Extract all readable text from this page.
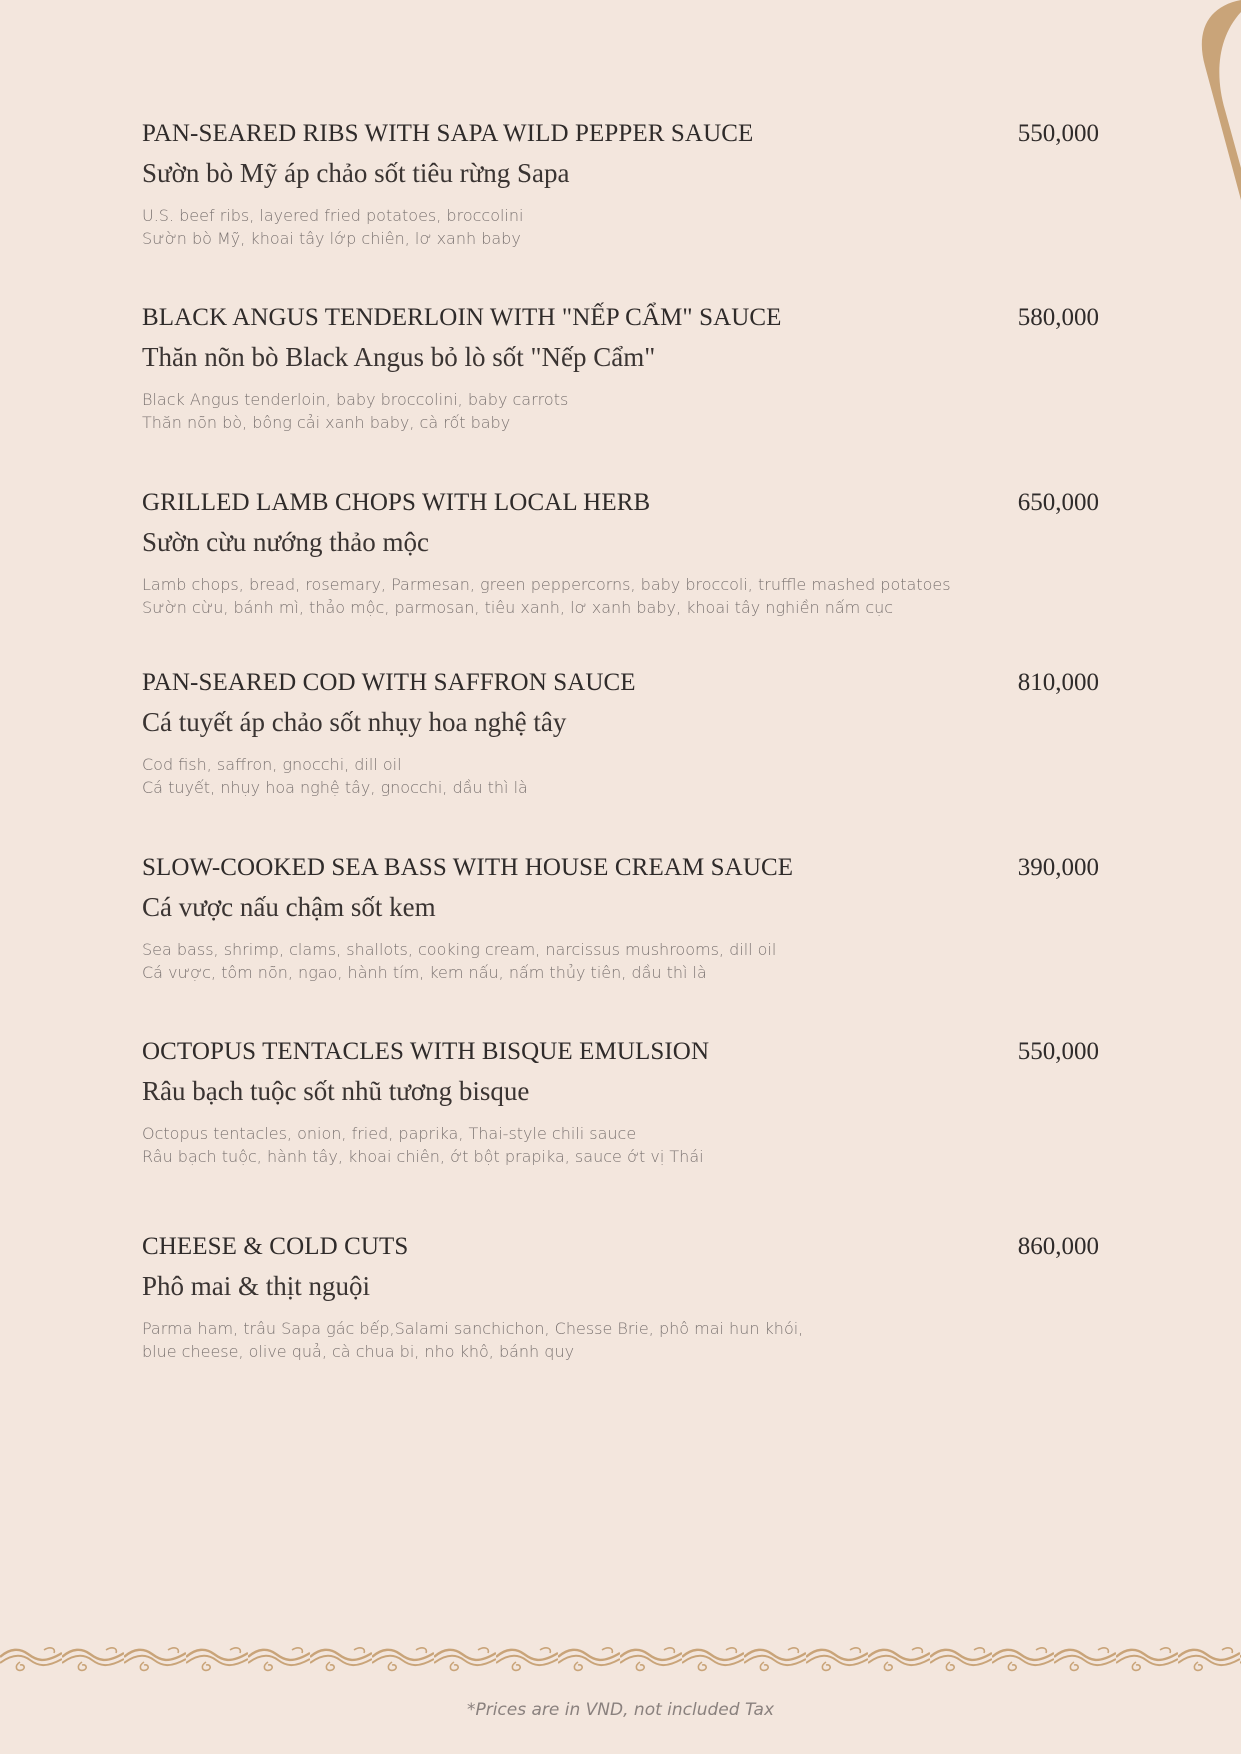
PAN-SEARED RIBS WITH SAPA WILD PEPPER SAUCE	550,000
Sườn bò Mỹ áp chảo sốt tiêu rừng Sapa
U.S. beef ribs, layered fried potatoes, broccolini
Sườn bò Mỹ, khoai tây lớp chiên, lơ xanh baby
BLACK ANGUS TENDERLOIN WITH "NẾP CẨM" SAUCE	580,000
Thăn nõn bò Black Angus bỏ lò sốt "Nếp Cẩm"
Black Angus tenderloin, baby broccolini, baby carrots
Thăn nõn bò, bông cải xanh baby, cà rốt baby
GRILLED LAMB CHOPS WITH LOCAL HERB	650,000
Sườn cừu nướng thảo mộc
Lamb chops, bread, rosemary, Parmesan, green peppercorns, baby broccoli, truffle mashed potatoes
Sườn cừu, bánh mì, thảo mộc, parmosan, tiêu xanh, lơ xanh baby, khoai tây nghiền nấm cục
PAN-SEARED COD WITH SAFFRON SAUCE	810,000
Cá tuyết áp chảo sốt nhụy hoa nghệ tây
Cod fish, saffron, gnocchi, dill oil
Cá tuyết, nhụy hoa nghệ tây, gnocchi, dầu thì là
SLOW-COOKED SEA BASS WITH HOUSE CREAM SAUCE	390,000
Cá vược nấu chậm sốt kem
Sea bass, shrimp, clams, shallots, cooking cream, narcissus mushrooms, dill oil
Cá vược, tôm nõn, ngao, hành tím, kem nấu, nấm thủy tiên, dầu thì là
OCTOPUS TENTACLES WITH BISQUE EMULSION	550,000
Râu bạch tuộc sốt nhũ tương bisque
Octopus tentacles, onion, fried, paprika, Thai-style chili sauce
Râu bạch tuộc, hành tây, khoai chiên, ớt bột prapika, sauce ớt vị Thái
CHEESE & COLD CUTS	860,000
Phô mai & thịt nguội
Parma ham, trâu Sapa gác bếp,Salami sanchichon, Chesse Brie, phô mai hun khói,
blue cheese, olive quả, cà chua bi, nho khô, bánh quy
*Prices are in VND, not included Tax
